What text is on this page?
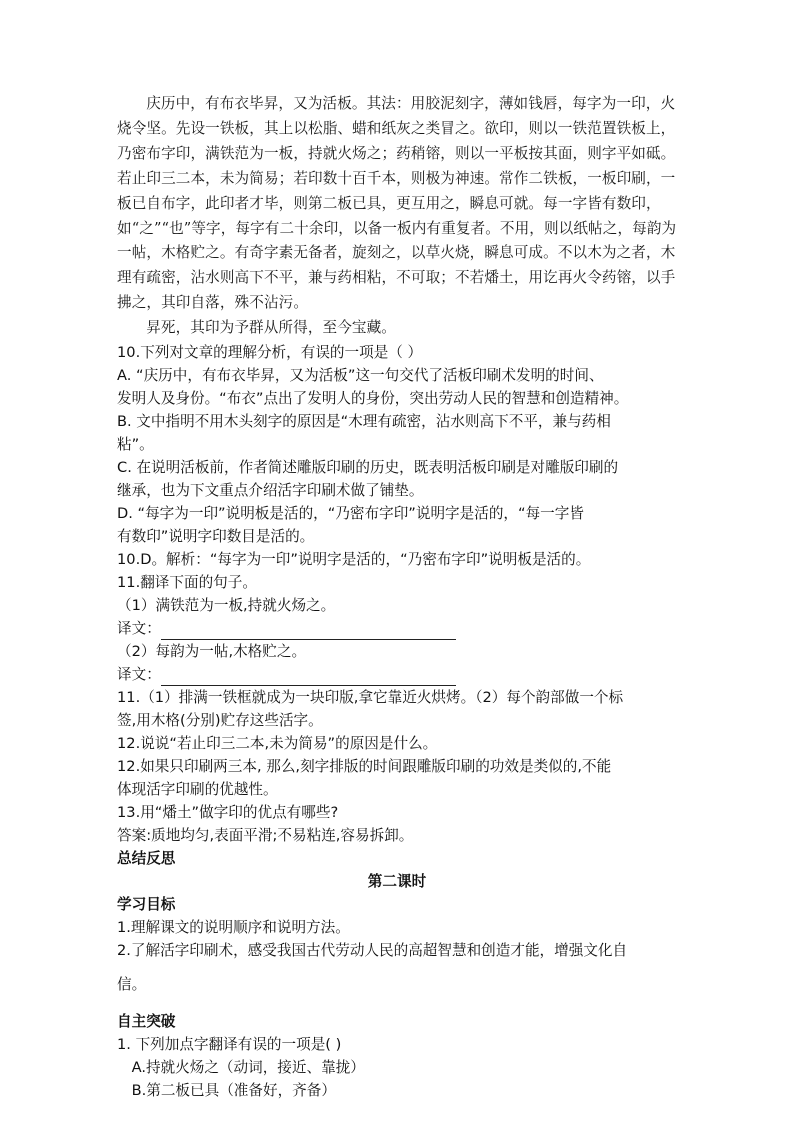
庆历中，有布衣毕昇，又为活板。其法：用胶泥刻字，薄如钱唇，每字为一印，火烧令坚。先设一铁板，其上以松脂、蜡和纸灰之类冒之。欲印，则以一铁范置铁板上，乃密布字印，满铁范为一板，持就火炀之；药稍镕，则以一平板按其面，则字平如砥。若止印三二本，未为简易；若印数十百千本，则极为神速。常作二铁板，一板印刷，一板已自布字，此印者才毕，则第二板已具，更互用之，瞬息可就。每一字皆有数印，如“之”“也”等字，每字有二十余印，以备一板内有重复者。不用，则以纸帖之，每韵为一帖，木格贮之。有奇字素无备者，旋刻之，以草火烧，瞬息可成。不以木为之者，木理有疏密，沾水则高下不平，兼与药相粘，不可取；不若燔土，用讫再火令药镕，以手拂之，其印自落，殊不沾污。

昇死，其印为予群从所得，至今宝藏。

10.下列对文章的理解分析，有误的一项是（ ）
A. “庆历中，有布衣毕昇，又为活板”这一句交代了活板印刷术发明的时间、
发明人及身份。“布衣”点出了发明人的身份，突出劳动人民的智慧和创造精神。
B. 文中指明不用木头刻字的原因是“木理有疏密，沾水则高下不平，兼与药相
粘”。
C. 在说明活板前，作者简述雕版印刷的历史，既表明活板印刷是对雕版印刷的
继承，也为下文重点介绍活字印刷术做了铺垫。
D. “每字为一印”说明板是活的，“乃密布字印”说明字是活的，“每一字皆
有数印”说明字印数目是活的。
10.D。解析：“每字为一印”说明字是活的，“乃密布字印”说明板是活的。
11.翻译下面的句子。
（1）满铁范为一板,持就火炀之。
译文：
（2）每韵为一帖,木格贮之。
译文：
11.（1）排满一铁框就成为一块印版,拿它靠近火烘烤。（2）每个韵部做一个标
签,用木格(分别)贮存这些活字。
12.说说“若止印三二本,未为简易”的原因是什么。
12.如果只印刷两三本, 那么,刻字排版的时间跟雕版印刷的功效是类似的,不能
体现活字印刷的优越性。
13.用“燔土”做字印的优点有哪些?
答案:质地均匀,表面平滑;不易粘连,容易拆卸。
总结反思
第二课时
学习目标
1.理解课文的说明顺序和说明方法。
2.了解活字印刷术，感受我国古代劳动人民的高超智慧和创造才能，增强文化自
信。
自主突破
1. 下列加点字翻译有误的一项是( )
A.持就火炀之（动词，接近、靠拢）
B.第二板已具（准备好，齐备）
